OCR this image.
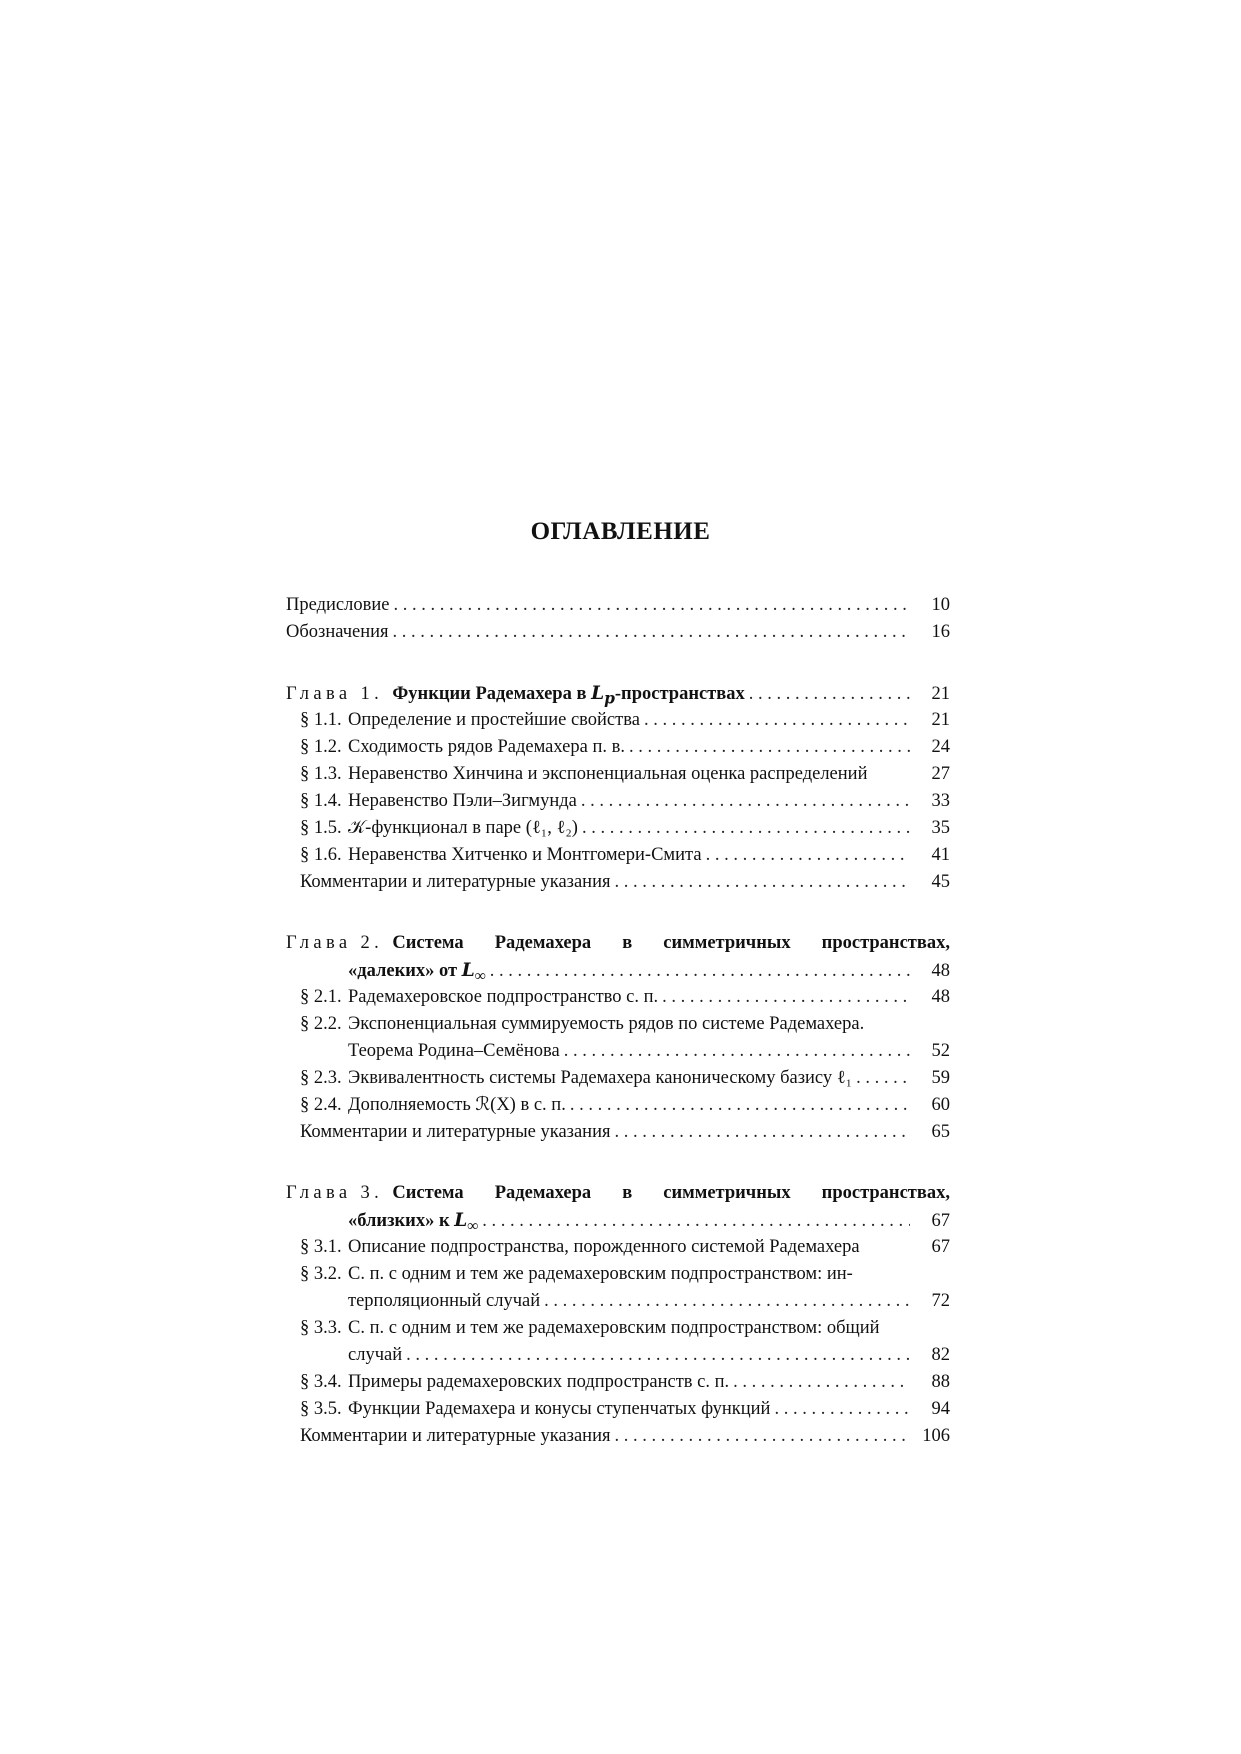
ОГЛАВЛЕНИЕ
Предисловие . . .	10
Обозначения . . .	16
Глава 1. Функции Радемахера в $L_p$-пространствах . . .	21
§ 1.1. Определение и простейшие свойства . . .	21
§ 1.2. Сходимость рядов Радемахера п. в. . . .	24
§ 1.3. Неравенство Хинчина и экспоненциальная оценка распределений	27
§ 1.4. Неравенство Пэли–Зигмунда . . .	33
§ 1.5. 𝒦-функционал в паре (ℓ₁, ℓ₂) . . .	35
§ 1.6. Неравенства Хитченко и Монтгомери-Смита . . .	41
Комментарии и литературные указания . . .	45
Глава 2. Система Радемахера в симметричных пространствах,
«далеких» от $L_\infty$ . . .	48
§ 2.1. Радемахеровское подпространство с. п. . . .	48
§ 2.2. Экспоненциальная суммируемость рядов по системе Радемахера.
Теорема Родина–Семёнова . . .	52
§ 2.3. Эквивалентность системы Радемахера каноническому базису ℓ₁ . . .	59
§ 2.4. Дополняемость ℛ(X) в с. п. . . .	60
Комментарии и литературные указания . . .	65
Глава 3. Система Радемахера в симметричных пространствах,
«близких» к $L_\infty$ . . .	67
§ 3.1. Описание подпространства, порожденного системой Радемахера	67
§ 3.2. С. п. с одним и тем же радемахеровским подпространством: ин-
терполяционный случай . . .	72
§ 3.3. С. п. с одним и тем же радемахеровским подпространством: общий
случай . . .	82
§ 3.4. Примеры радемахеровских подпространств с. п. . . .	88
§ 3.5. Функции Радемахера и конусы ступенчатых функций . . .	94
Комментарии и литературные указания . . .	106
